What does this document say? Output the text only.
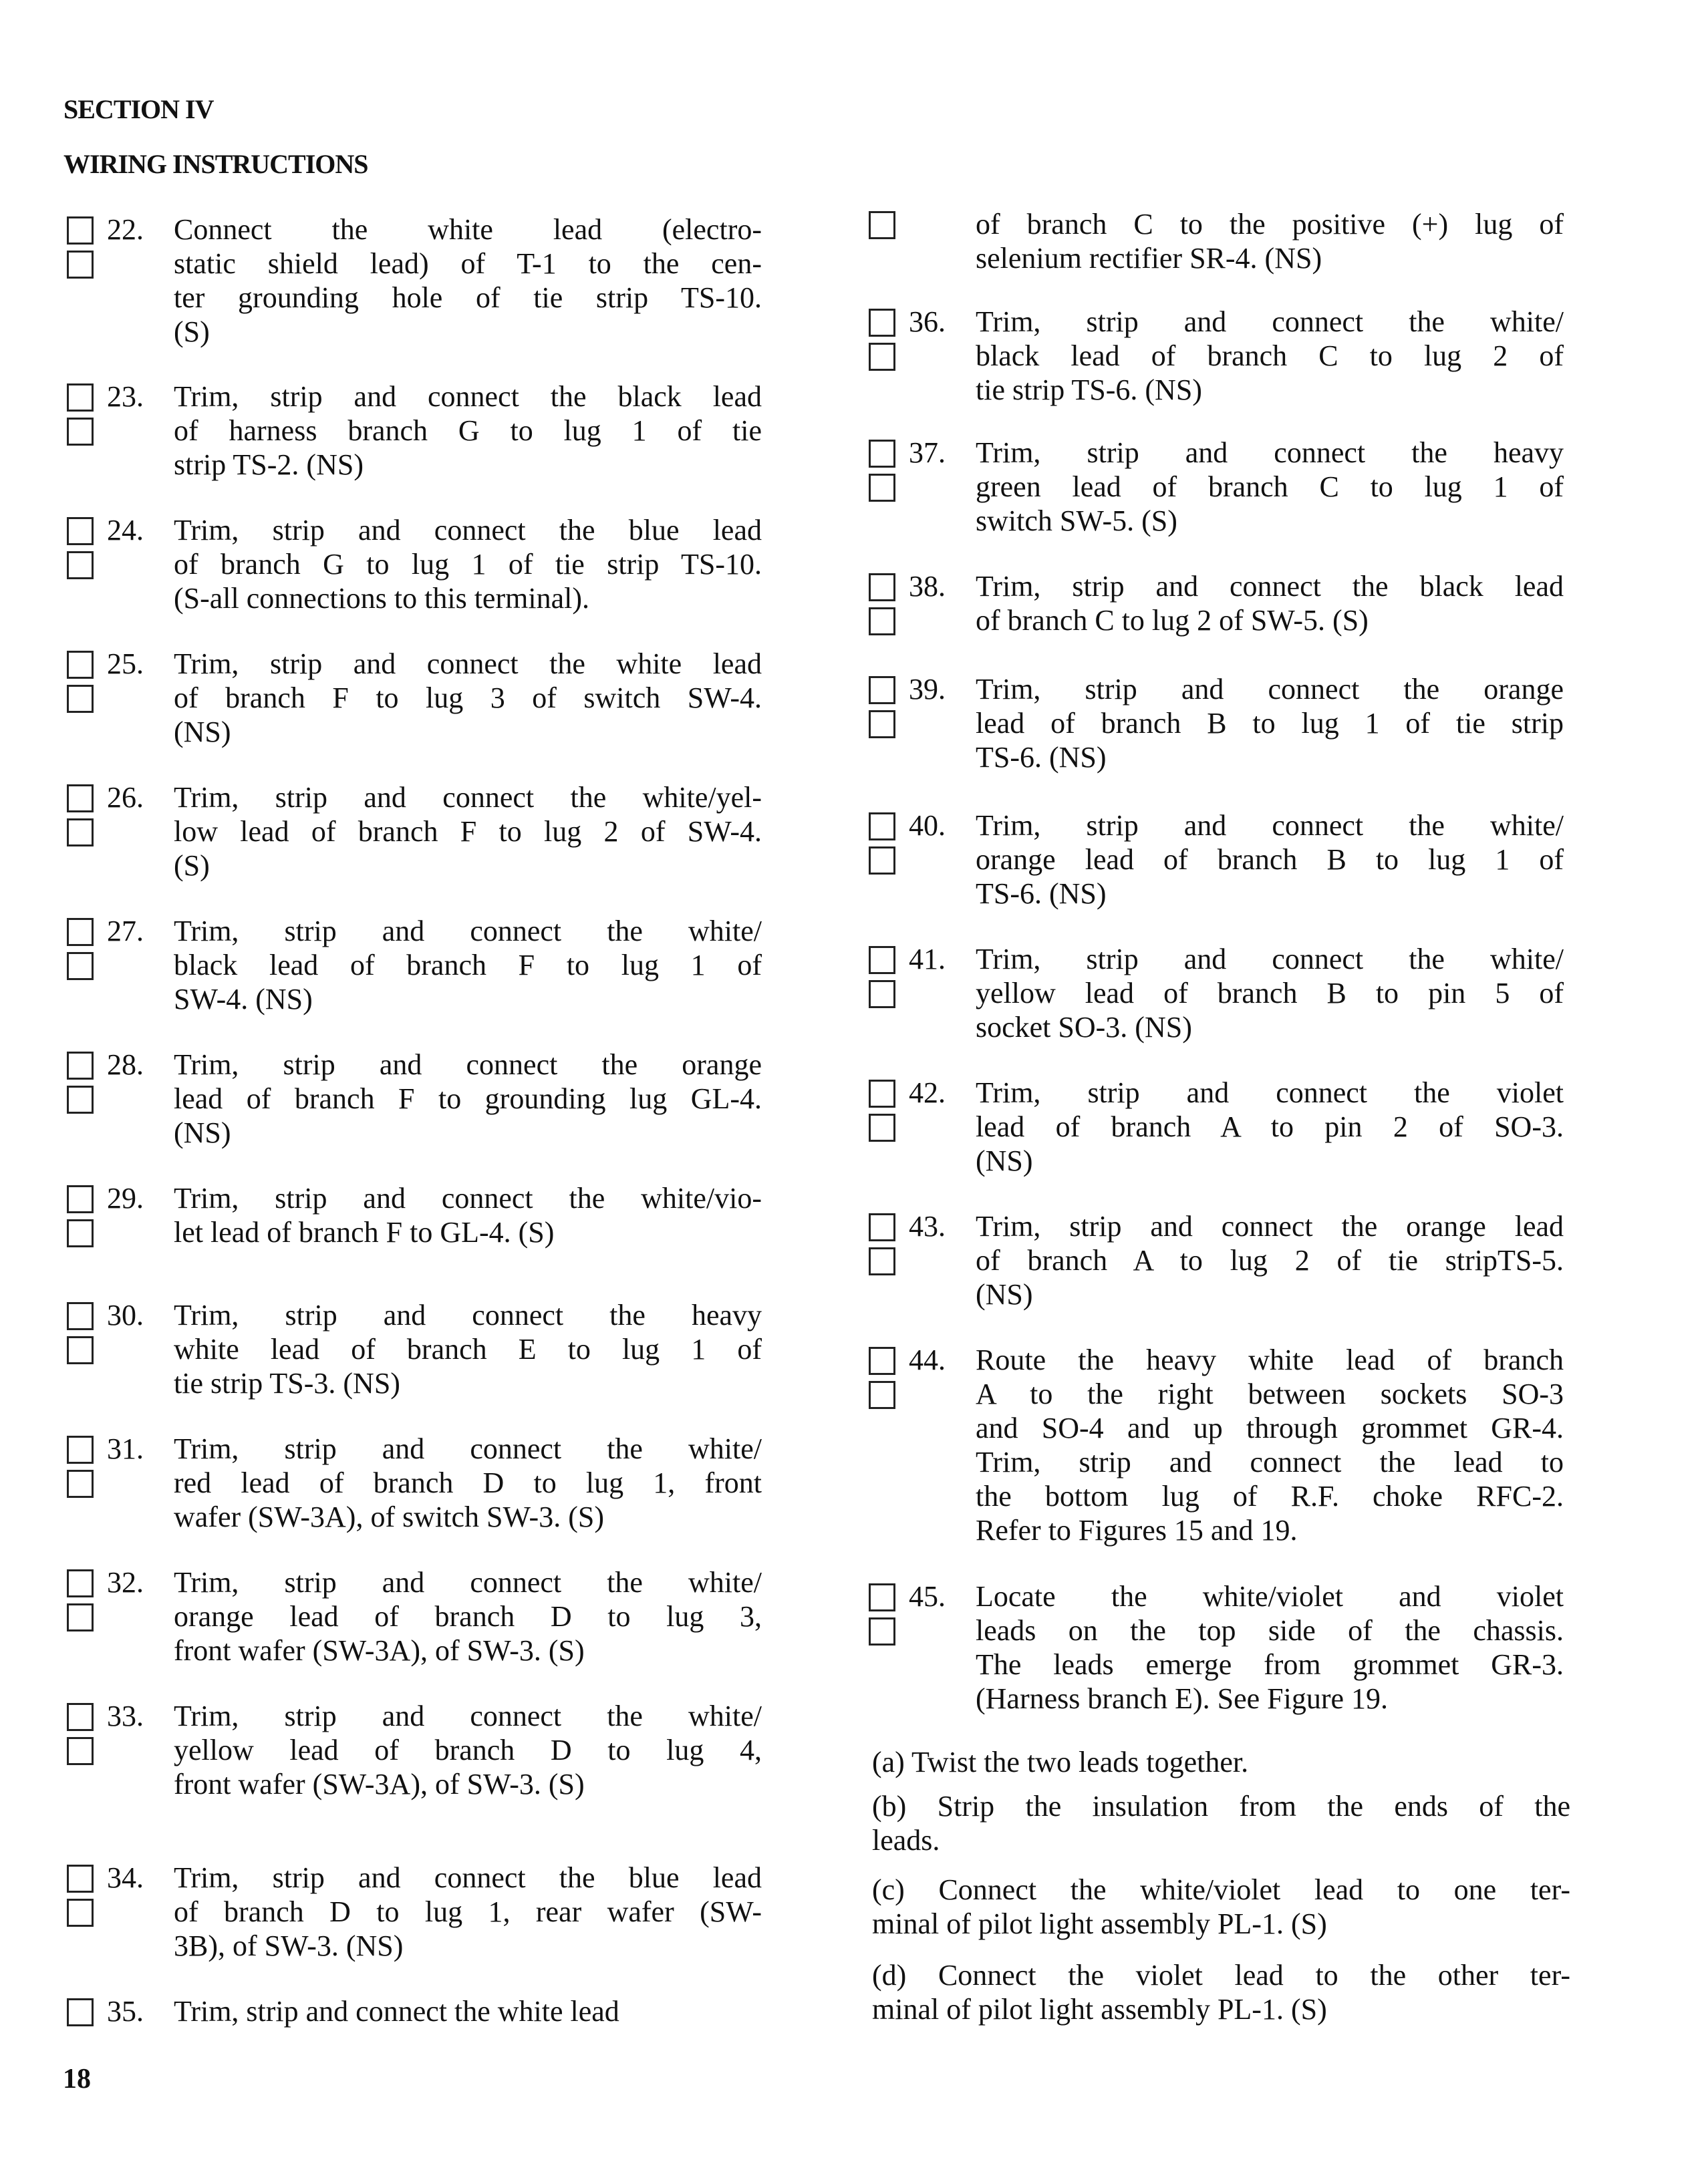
SECTION IV
WIRING INSTRUCTIONS
22. Connect the white lead (electro-
static shield lead) of T-1 to the cen-
ter grounding hole of tie strip TS-10.
(S)
23. Trim, strip and connect the black lead
of harness branch G to lug 1 of tie
strip TS-2. (NS)
24. Trim, strip and connect the blue lead
of branch G to lug 1 of tie strip TS-10.
(S-all connections to this terminal).
25. Trim, strip and connect the white lead
of branch F to lug 3 of switch SW-4.
(NS)
26. Trim, strip and connect the white/yel-
low lead of branch F to lug 2 of SW-4.
(S)
27. Trim, strip and connect the white/
black lead of branch F to lug 1 of
SW-4. (NS)
28. Trim, strip and connect the orange
lead of branch F to grounding lug GL-4.
(NS)
29. Trim, strip and connect the white/vio-
let lead of branch F to GL-4. (S)
30. Trim, strip and connect the heavy
white lead of branch E to lug 1 of
tie strip TS-3. (NS)
31. Trim, strip and connect the white/
red lead of branch D to lug 1, front
wafer (SW-3A), of switch SW-3. (S)
32. Trim, strip and connect the white/
orange lead of branch D to lug 3,
front wafer (SW-3A), of SW-3. (S)
33. Trim, strip and connect the white/
yellow lead of branch D to lug 4,
front wafer (SW-3A), of SW-3. (S)
34. Trim, strip and connect the blue lead
of branch D to lug 1, rear wafer (SW-
3B), of SW-3. (NS)
35. Trim, strip and connect the white lead
of branch C to the positive (+) lug of
selenium rectifier SR-4. (NS)
36. Trim, strip and connect the white/
black lead of branch C to lug 2 of
tie strip TS-6. (NS)
37. Trim, strip and connect the heavy
green lead of branch C to lug 1 of
switch SW-5. (S)
38. Trim, strip and connect the black lead
of branch C to lug 2 of SW-5. (S)
39. Trim, strip and connect the orange
lead of branch B to lug 1 of tie strip
TS-6. (NS)
40. Trim, strip and connect the white/
orange lead of branch B to lug 1 of
TS-6. (NS)
41. Trim, strip and connect the white/
yellow lead of branch B to pin 5 of
socket SO-3. (NS)
42. Trim, strip and connect the violet
lead of branch A to pin 2 of SO-3.
(NS)
43. Trim, strip and connect the orange lead
of branch A to lug 2 of tie stripTS-5.
(NS)
44. Route the heavy white lead of branch
A to the right between sockets SO-3
and SO-4 and up through grommet GR-4.
Trim, strip and connect the lead to
the bottom lug of R.F. choke RFC-2.
Refer to Figures 15 and 19.
45. Locate the white/violet and violet
leads on the top side of the chassis.
The leads emerge from grommet GR-3.
(Harness branch E). See Figure 19.
(a) Twist the two leads together.
(b) Strip the insulation from the ends of the
leads.
(c) Connect the white/violet lead to one ter-
minal of pilot light assembly PL-1. (S)
(d) Connect the violet lead to the other ter-
minal of pilot light assembly PL-1. (S)
18
